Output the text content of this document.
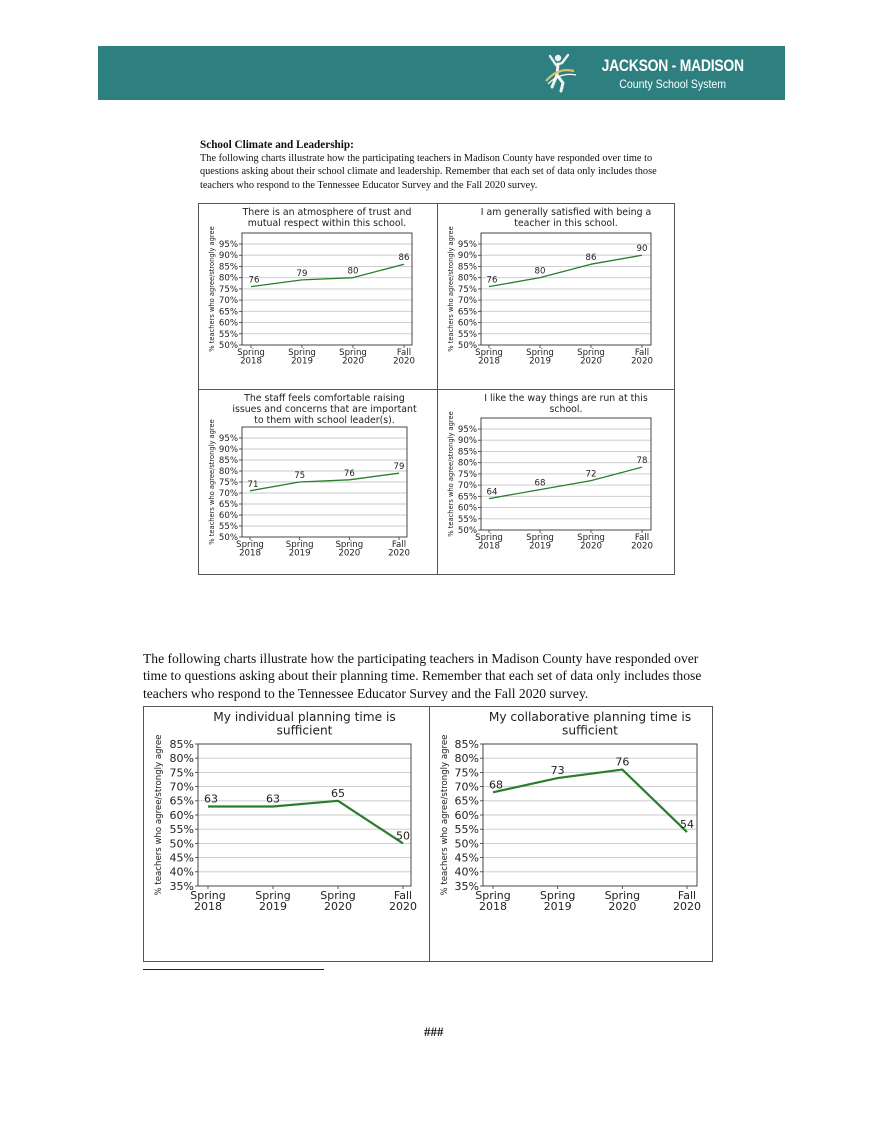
JACKSON - MADISON
County School System
School Climate and Leadership:
The following charts illustrate how the participating teachers in Madison County have responded over time to questions asking about their school climate and leadership. Remember that each set of data only includes those teachers who respond to the Tennessee Educator Survey and the Fall 2020 survey.
There is an atmosphere of trust and
mutual respect within this school.
50%
55%
60%
65%
70%
75%
80%
85%
90%
95%
% teachers who agree/strongly agree
Spring
2018
Spring
2019
Spring
2020
Fall
2020
76
79	80
86
I am generally satisfied with being a
teacher in this school.
50%
55%
60%
65%
70%
75%
80%
85%
90%
95%
% teachers who agree/strongly agree
Spring
2018
Spring
2019
Spring
2020
Fall
2020
76
80
86
90
The staff feels comfortable raising
issues and concerns that are important
to them with school leader(s).
50%
55%
60%
65%
70%
75%
80%
85%
90%
95%
% teachers who agree/strongly agree
Spring
2018
Spring
2019
Spring
2020
Fall
2020
71
75	76
79
I like the way things are run at this
school.
50%
55%
60%
65%
70%
75%
80%
85%
90%
95%
% teachers who agree/strongly agree
Spring
2018
Spring
2019
Spring
2020
Fall
2020
64
68
72
78
The following charts illustrate how the participating teachers in Madison County have responded over time to questions asking about their planning time. Remember that each set of data only includes those teachers who respond to the Tennessee Educator Survey and the Fall 2020 survey.
My individual planning time is
sufficient
35%
40%
45%
50%
55%
60%
65%
70%
75%
80%
85%
% teachers who agree/strongly agree
Spring
2018
Spring
2019
Spring
2020
Fall
2020
63	63	65
50
My collaborative planning time is
sufficient
35%
40%
45%
50%
55%
60%
65%
70%
75%
80%
85%
% teachers who agree/strongly agree
Spring
2018
Spring
2019
Spring
2020
Fall
2020
68
73
76
54
###
